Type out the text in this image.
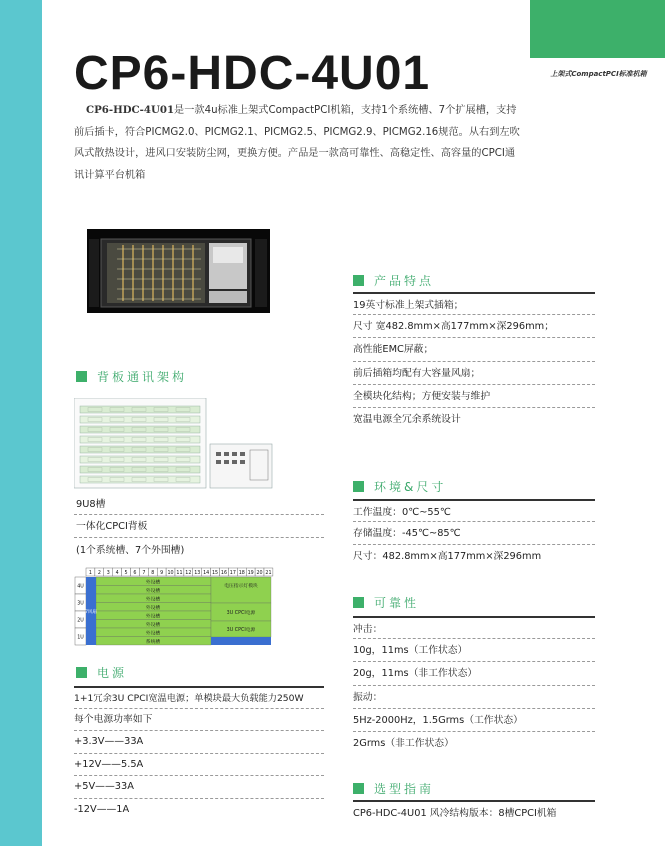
上架式CompactPCI标准机箱
CP6-HDC-4U01
CP6-HDC-4U01是一款4u标准上架式CompactPCI机箱，支持1个系统槽、7个扩展槽，支持前后插卡，符合PICMG2.0、PICMG2.1、PICMG2.5、PICMG2.9、PICMG2.16规范。从右到左吹风式散热设计，进风口安装防尘网，更换方便。产品是一款高可靠性、高稳定性、高容量的CPCI通讯计算平台机箱
产品特点
19英寸标准上架式插箱；
尺寸 宽482.8mm×高177mm×深296mm；
高性能EMC屏蔽；
前后插箱均配有大容量风扇；
全模块化结构；方便安装与维护
宽温电源全冗余系统设计
背板通讯架构
9U8槽
一体化CPCI背板
(1个系统槽、7个外围槽)
1 2 3 4 5 6 7 8 9 10 11 12 13 14 15 16 17 18 19 20 21
外设槽
外设槽
外设槽
外设槽
外设槽
外设槽
外设槽
系统槽
4U
3U
2U
1U
7风扇
电压指示灯模块
3U CPCI电源
3U CPCI电源
电源
1+1冗余3U CPCI宽温电源；单模块最大负载能力250W
每个电源功率如下
+3.3V——33A
+12V——5.5A
+5V——33A
-12V——1A
环境&尺寸
工作温度：0℃~55℃
存储温度：-45℃~85℃
尺寸：482.8mm×高177mm×深296mm
可靠性
冲击：
10g，11ms（工作状态）
20g，11ms（非工作状态）
振动：
5Hz-2000Hz，1.5Grms（工作状态）
2Grms（非工作状态）
选型指南
CP6-HDC-4U01 风冷结构版本：8槽CPCI机箱
